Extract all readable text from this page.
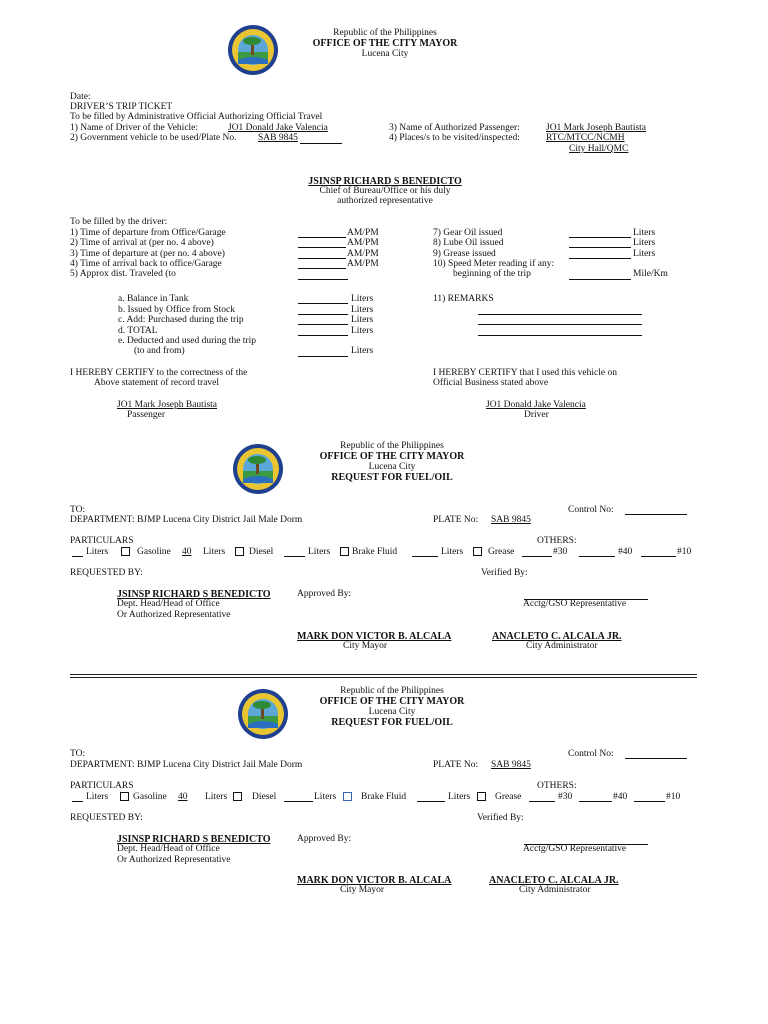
Republic of the Philippines
OFFICE OF THE CITY MAYOR
Lucena City
Date:
DRIVER’S TRIP TICKET
To be filled by Administrative Official Authorizing Official Travel
1) Name of Driver of the Vehicle:	JO1 Donald Jake Valencia
2) Government vehicle to be used/Plate No. SAB 9845
3) Name of Authorized Passenger:	JO1 Mark Joseph Bautista
4) Places/s to be visited/inspected:	RTC/MTCC/NCMH
City Hall/QMC
JSINSP RICHARD S BENEDICTO
Chief of Bureau/Office or his duly
authorized representative
To be filled by the driver:
1) Time of departure from Office/Garage	AM/PM
2) Time of arrival at (per no. 4 above)	AM/PM
3) Time of departure at (per no. 4 above)	AM/PM
4) Time of arrival back to office/Garage	AM/PM
5) Approx dist. Traveled (to
7) Gear Oil issued	Liters
8) Lube Oil issued	Liters
9) Grease issued	Liters
10) Speed Meter reading if any:
beginning of the trip	Mile/Km
a. Balance in Tank	Liters
b. Issued by Office from Stock	Liters
c. Add: Purchased during the trip	Liters
d. TOTAL	Liters
e. Deducted and used during the trip
(to and from)	Liters
11) REMARKS
I HEREBY CERTIFY to the correctness of the
Above statement of record travel
I HEREBY CERTIFY that I used this vehicle on
Official Business stated above
JO1 Mark Joseph Bautista
Passenger
JO1 Donald Jake Valencia
Driver
Republic of the Philippines
OFFICE OF THE CITY MAYOR
Lucena City
REQUEST FOR FUEL/OIL
TO:	Control No:
DEPARTMENT: BJMP Lucena City District Jail Male Dorm	PLATE No: SAB 9845
PARTICULARS	OTHERS:
Liters	Gasoline 40 Liters	Diesel	Liters Brake Fluid	Liters	Grease	#30	#40	#10
REQUESTED BY:	Verified By:
JSINSP RICHARD S BENEDICTO	Approved By:
Dept. Head/Head of Office	Acctg/GSO Representative
Or Authorized Representative
MARK DON VICTOR B. ALCALA	ANACLETO C. ALCALA JR.
City Mayor	City Administrator
Republic of the Philippines
OFFICE OF THE CITY MAYOR
Lucena City
REQUEST FOR FUEL/OIL
TO:	Control No:
DEPARTMENT: BJMP Lucena City District Jail Male Dorm	PLATE No: SAB 9845
PARTICULARS	OTHERS:
Liters	Gasoline 40 Liters	Diesel	Liters	Brake Fluid	Liters	Grease	#30	#40	#10
REQUESTED BY:	Verified By:
JSINSP RICHARD S BENEDICTO	Approved By:
Dept. Head/Head of Office	Acctg/GSO Representative
Or Authorized Representative
MARK DON VICTOR B. ALCALA	ANACLETO C. ALCALA JR.
City Mayor	City Administrator
